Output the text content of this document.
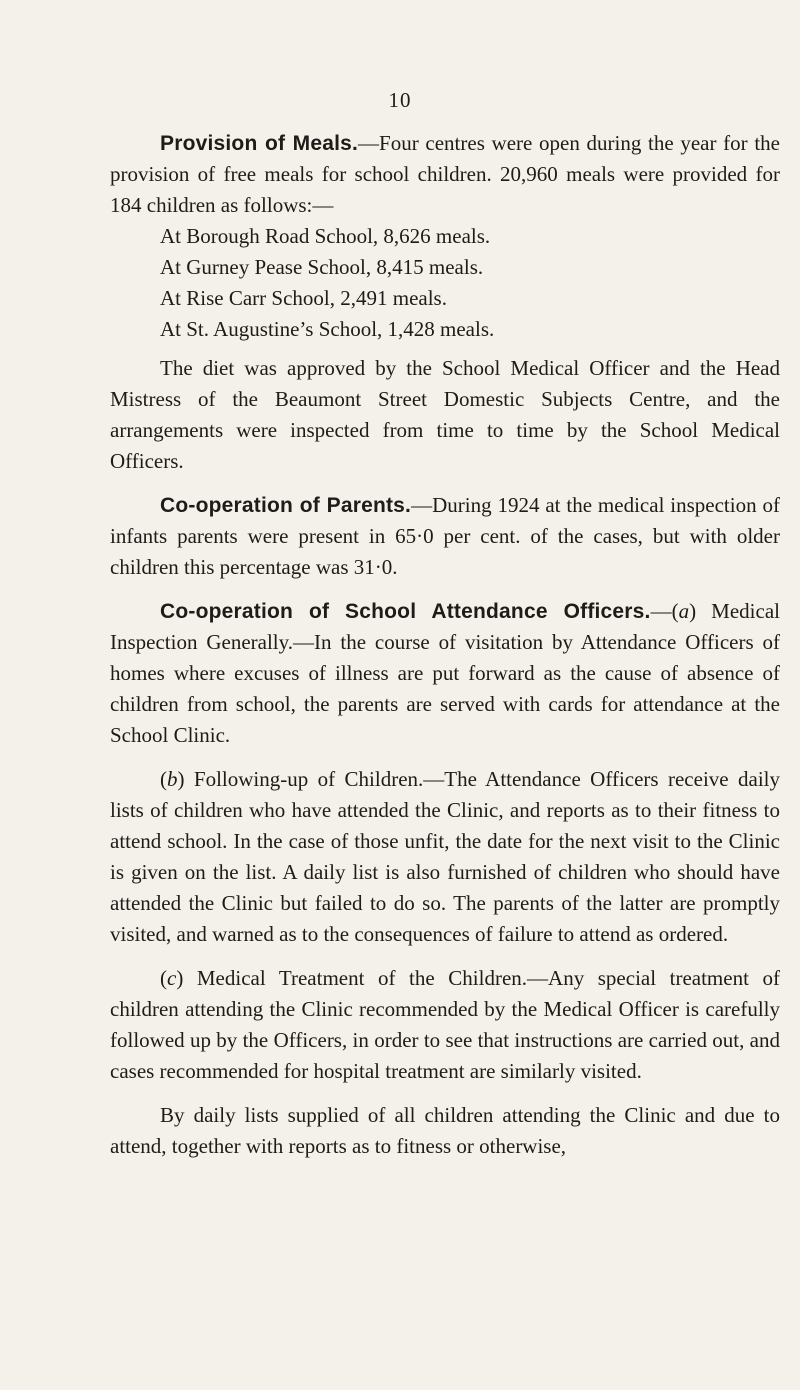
10

Provision of Meals.—Four centres were open during the year for the provision of free meals for school children. 20,960 meals were provided for 184 children as follows:—

At Borough Road School, 8,626 meals.
At Gurney Pease School, 8,415 meals.
At Rise Carr School, 2,491 meals.
At St. Augustine’s School, 1,428 meals.

The diet was approved by the School Medical Officer and the Head Mistress of the Beaumont Street Domestic Subjects Centre, and the arrangements were inspected from time to time by the School Medical Officers.

Co-operation of Parents.—During 1924 at the medical inspection of infants parents were present in 65·0 per cent. of the cases, but with older children this percentage was 31·0.

Co-operation of School Attendance Officers.—(a) Medical Inspection Generally.—In the course of visitation by Attendance Officers of homes where excuses of illness are put forward as the cause of absence of children from school, the parents are served with cards for attendance at the School Clinic.

(b) Following-up of Children.—The Attendance Officers receive daily lists of children who have attended the Clinic, and reports as to their fitness to attend school. In the case of those unfit, the date for the next visit to the Clinic is given on the list. A daily list is also furnished of children who should have attended the Clinic but failed to do so. The parents of the latter are promptly visited, and warned as to the consequences of failure to attend as ordered.

(c) Medical Treatment of the Children.—Any special treatment of children attending the Clinic recommended by the Medical Officer is carefully followed up by the Officers, in order to see that instructions are carried out, and cases recommended for hospital treatment are similarly visited.

By daily lists supplied of all children attending the Clinic and due to attend, together with reports as to fitness or otherwise,
